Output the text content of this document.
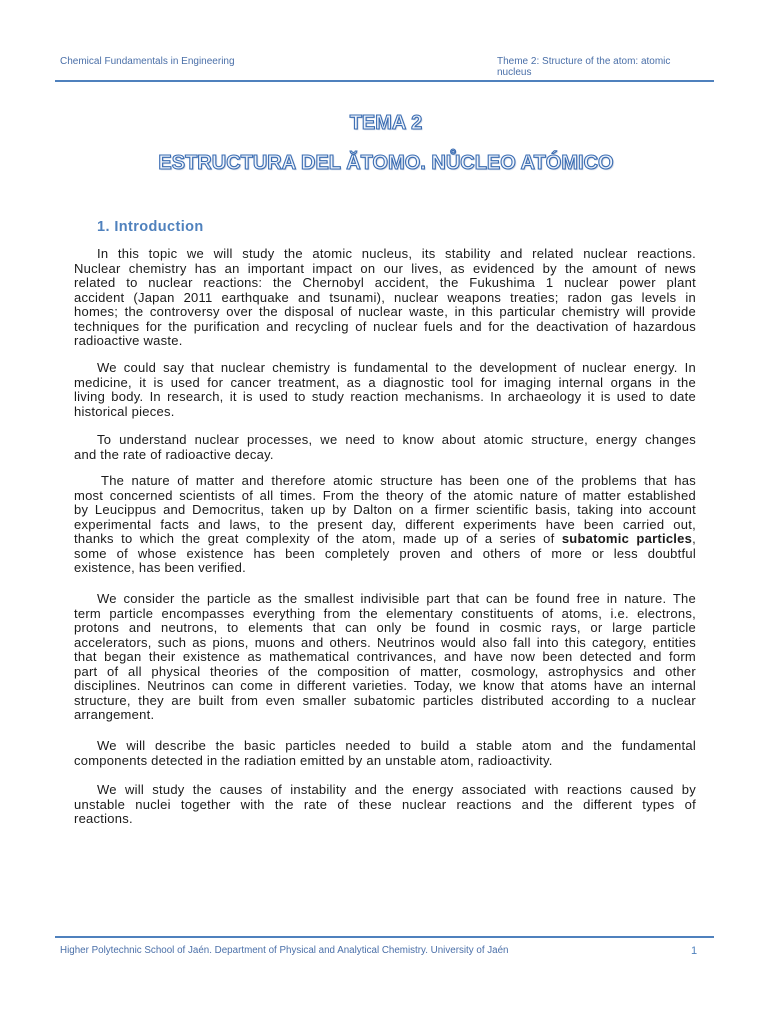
Chemical Fundamentals in Engineering	Theme 2: Structure of the atom: atomic nucleus
TEMA 2
ESTRUCTURA DEL ĂTOMO. NŮCLEO ATÓMICO
1. Introduction
In this topic we will study the atomic nucleus, its stability and related nuclear reactions.
Nuclear chemistry has an important impact on our lives, as evidenced by the amount of news
related to nuclear reactions: the Chernobyl accident, the Fukushima 1 nuclear power plant
accident (Japan 2011 earthquake and tsunami), nuclear weapons treaties; radon gas levels in
homes; the controversy over the disposal of nuclear waste, in this particular chemistry will provide
techniques for the purification and recycling of nuclear fuels and for the deactivation of hazardous
radioactive waste.
We could say that nuclear chemistry is fundamental to the development of nuclear energy. In
medicine, it is used for cancer treatment, as a diagnostic tool for imaging internal organs in the
living body. In research, it is used to study reaction mechanisms. In archaeology it is used to date
historical pieces.
To understand nuclear processes, we need to know about atomic structure, energy changes
and the rate of radioactive decay.
The nature of matter and therefore atomic structure has been one of the problems that has
most concerned scientists of all times. From the theory of the atomic nature of matter established
by Leucippus and Democritus, taken up by Dalton on a firmer scientific basis, taking into account
experimental facts and laws, to the present day, different experiments have been carried out,
thanks to which the great complexity of the atom, made up of a series of subatomic particles,
some of whose existence has been completely proven and others of more or less doubtful
existence, has been verified.
We consider the particle as the smallest indivisible part that can be found free in nature. The
term particle encompasses everything from the elementary constituents of atoms, i.e. electrons,
protons and neutrons, to elements that can only be found in cosmic rays, or large particle
accelerators, such as pions, muons and others. Neutrinos would also fall into this category, entities
that began their existence as mathematical contrivances, and have now been detected and form
part of all physical theories of the composition of matter, cosmology, astrophysics and other
disciplines. Neutrinos can come in different varieties. Today, we know that atoms have an internal
structure, they are built from even smaller subatomic particles distributed according to a nuclear
arrangement.
We will describe the basic particles needed to build a stable atom and the fundamental
components detected in the radiation emitted by an unstable atom, radioactivity.
We will study the causes of instability and the energy associated with reactions caused by
unstable nuclei together with the rate of these nuclear reactions and the different types of
reactions.
Higher Polytechnic School of Jaén. Department of Physical and Analytical Chemistry. University of Jaén	1
